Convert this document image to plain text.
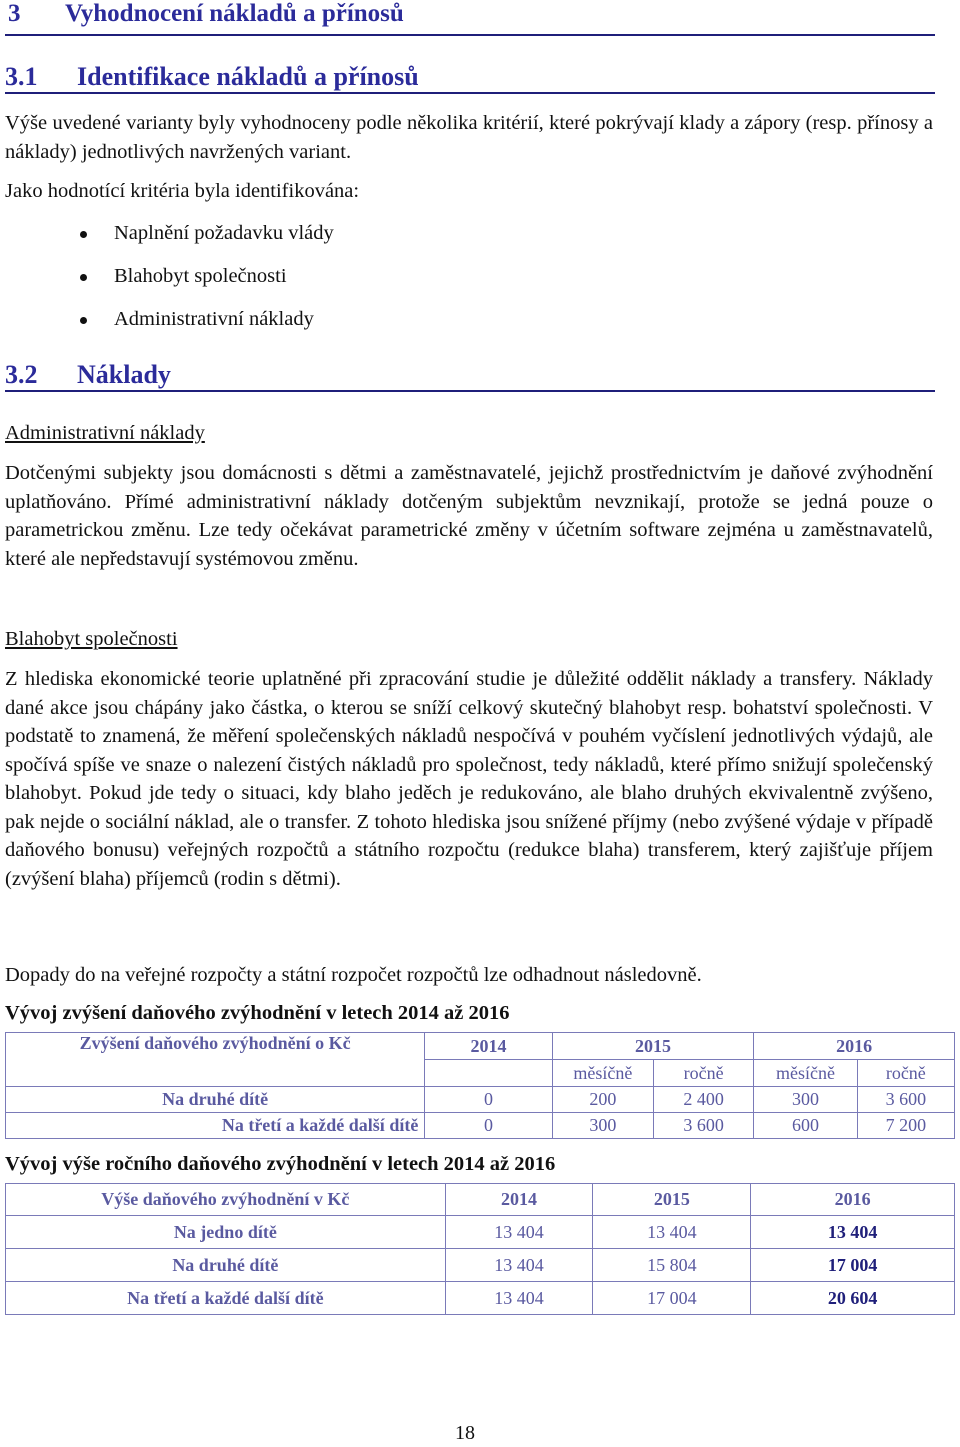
3 Vyhodnocení nákladů a přínosů
3.1 Identifikace nákladů a přínosů

Výše uvedené varianty byly vyhodnoceny podle několika kritérií, které pokrývají klady a zápory (resp. přínosy a náklady) jednotlivých navržených variant.

Jako hodnotící kritéria byla identifikována:
Naplnění požadavku vlády
Blahobyt společnosti
Administrativní náklady
3.2 Náklady
Administrativní náklady

Dotčenými subjekty jsou domácnosti s dětmi a zaměstnavatelé, jejichž prostřednictvím je daňové zvýhodnění uplatňováno. Přímé administrativní náklady dotčeným subjektům nevznikají, protože se jedná pouze o parametrickou změnu. Lze tedy očekávat parametrické změny v účetním software zejména u zaměstnavatelů, které ale nepředstavují systémovou změnu.

Blahobyt společnosti

Z hlediska ekonomické teorie uplatněné při zpracování studie je důležité oddělit náklady a transfery. Náklady dané akce jsou chápány jako částka, o kterou se sníží celkový skutečný blahobyt resp. bohatství společnosti. V podstatě to znamená, že měření společenských nákladů nespočívá v pouhém vyčíslení jednotlivých výdajů, ale spočívá spíše ve snaze o nalezení čistých nákladů pro společnost, tedy nákladů, které přímo snižují společenský blahobyt. Pokud jde tedy o situaci, kdy blaho jeděch je redukováno, ale blaho druhých ekvivalentně zvýšeno, pak nejde o sociální náklad, ale o transfer. Z tohoto hlediska jsou snížené příjmy (nebo zvýšené výdaje v případě daňového bonusu) veřejných rozpočtů a státního rozpočtu (redukce blaha) transferem, který zajišťuje příjem (zvýšení blaha) příjemců (rodin s dětmi).

Dopady do na veřejné rozpočty a státní rozpočet rozpočtů lze odhadnout následovně.
Vývoj zvýšení daňového zvýhodnění v letech 2014 až 2016
Zvýšení daňového zvýhodnění o Kč	2014	2015		2016	
		měsíčně	ročně	měsíčně	ročně
Na druhé dítě	0	200	2 400	300	3 600
Na třetí a každé další dítě	0	300	3 600	600	7 200
Vývoj výše ročního daňového zvýhodnění v letech 2014 až 2016
Výše daňového zvýhodnění v Kč	2014	2015	2016
Na jedno dítě	13 404	13 404	13 404
Na druhé dítě	13 404	15 804	17 004
Na třetí a každé další dítě	13 404	17 004	20 604
18
